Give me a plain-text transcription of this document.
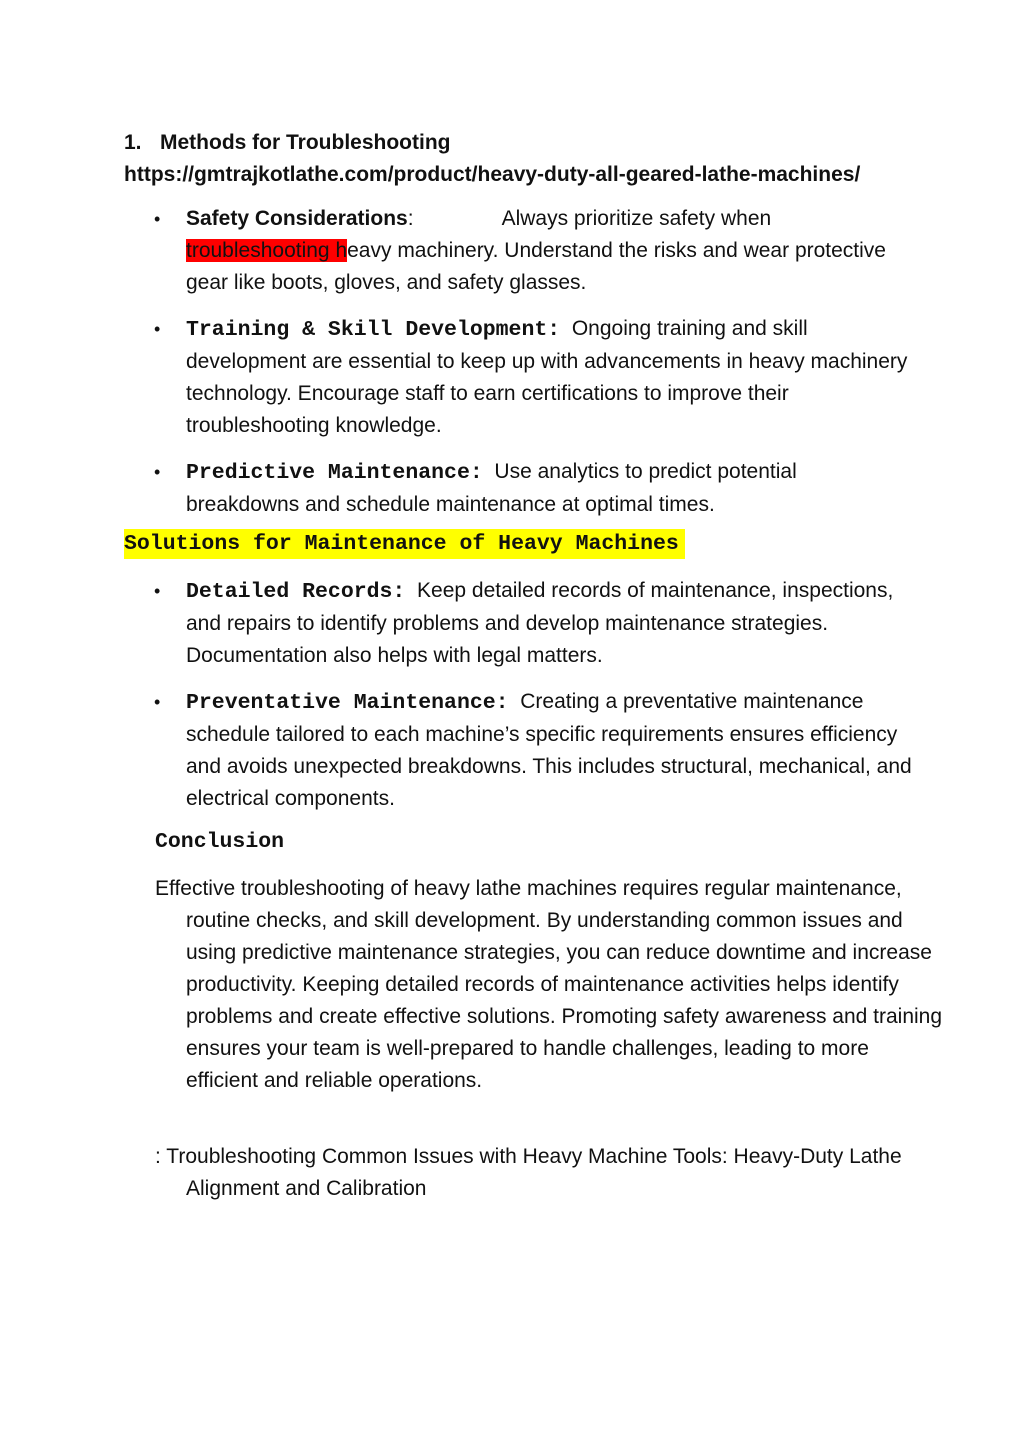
1. Methods for Troubleshooting
https://gmtrajkotlathe.com/product/heavy-duty-all-geared-lathe-machines/
• Safety Considerations:	Always prioritize safety when troubleshooting heavy machinery. Understand the risks and wear protective gear like boots, gloves, and safety glasses.
• Training & Skill Development: Ongoing training and skill development are essential to keep up with advancements in heavy machinery technology. Encourage staff to earn certifications to improve their troubleshooting knowledge.
• Predictive Maintenance: Use analytics to predict potential breakdowns and schedule maintenance at optimal times.
Solutions for Maintenance of Heavy Machines
• Detailed Records: Keep detailed records of maintenance, inspections, and repairs to identify problems and develop maintenance strategies. Documentation also helps with legal matters.
• Preventative Maintenance: Creating a preventative maintenance schedule tailored to each machine’s specific requirements ensures efficiency and avoids unexpected breakdowns. This includes structural, mechanical, and electrical components.
Conclusion
Effective troubleshooting of heavy lathe machines requires regular maintenance, routine checks, and skill development. By understanding common issues and using predictive maintenance strategies, you can reduce downtime and increase productivity. Keeping detailed records of maintenance activities helps identify problems and create effective solutions. Promoting safety awareness and training ensures your team is well-prepared to handle challenges, leading to more efficient and reliable operations.
: Troubleshooting Common Issues with Heavy Machine Tools: Heavy-Duty Lathe Alignment and Calibration
